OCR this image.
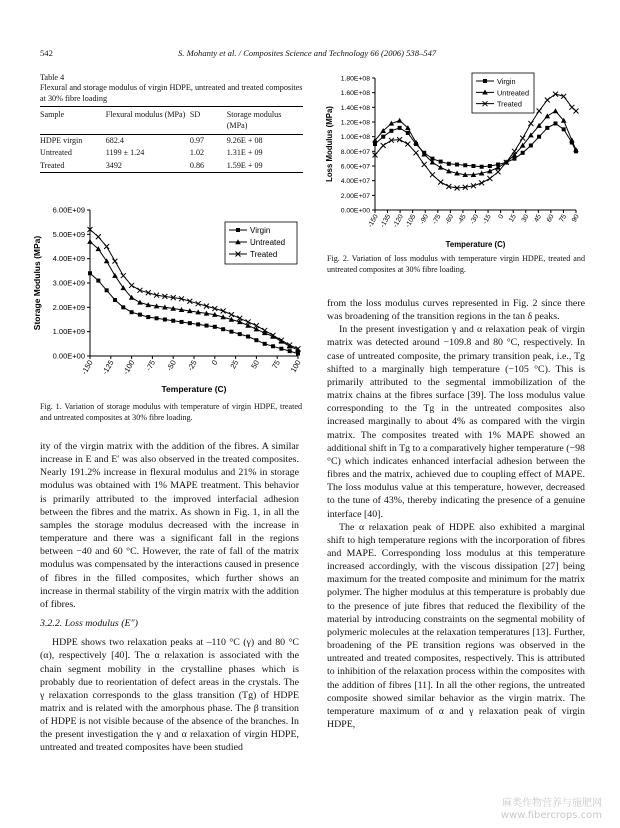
542	S. Mohanty et al. / Composites Science and Technology 66 (2006) 538–547
Table 4
Flexural and storage modulus of virgin HDPE, untreated and treated composites at 30% fibre loading
Sample	Flexural modulus (MPa)	SD	Storage modulus (MPa)
HDPE virgin	682.4	0.97	9.26E + 08
Untreated	1199 ± 1.24	1.02	1.31E + 09
Treated	3492	0.86	1.59E + 09
0.00E+00
1.00E+09
2.00E+09
3.00E+09
4.00E+09
5.00E+09
6.00E+09
-150 -125 -100 -75 -50 -25 0 25 50 75 100
Storage Modulus (MPa)
Temperature (C)
Virgin
Untreated
Treated
Fig. 1. Variation of storage modulus with temperature of virgin HDPE, treated and untreated composites at 30% fibre loading.
0.00E+00
2.00E+07
4.00E+07
6.00E+07
8.00E+07
1.00E+08
1.20E+08
1.40E+08
1.60E+08
1.80E+08
-150 -135 -120 -105 -90 -75 -60 -45 -30 -15 0 15 30 45 60 75 90
Loss Modulus (MPa)
Temperature (C)
Virgin
Untreated
Treated
Fig. 2. Variation of loss modulus with temperature virgin HDPE, treated and untreated composites at 30% fibre loading.

ity of the virgin matrix with the addition of the fibres. A similar increase in E and E′ was also observed in the treated composites. Nearly 191.2% increase in flexural modulus and 21% in storage modulus was obtained with 1% MAPE treatment. This behavior is primarily attributed to the improved interfacial adhesion between the fibres and the matrix. As shown in Fig. 1, in all the samples the storage modulus decreased with the increase in temperature and there was a significant fall in the regions between −40 and 60 °C. However, the rate of fall of the matrix modulus was compensated by the interactions caused in presence of fibres in the filled composites, which further shows an increase in thermal stability of the virgin matrix with the addition of fibres.

3.2.2. Loss modulus (E″)

HDPE shows two relaxation peaks at –110 °C (γ) and 80 °C (α), respectively [40]. The α relaxation is associated with the chain segment mobility in the crystalline phases which is probably due to reorientation of defect areas in the crystals. The γ relaxation corresponds to the glass transition (Tg) of HDPE matrix and is related with the amorphous phase. The β transition of HDPE is not visible because of the absence of the branches. In the present investigation the γ and α relaxation of virgin HDPE, untreated and treated composites have been studied

from the loss modulus curves represented in Fig. 2 since there was broadening of the transition regions in the tan δ peaks.

In the present investigation γ and α relaxation peak of virgin matrix was detected around −109.8 and 80 °C, respectively. In case of untreated composite, the primary transition peak, i.e., Tg shifted to a marginally high temperature (−105 °C). This is primarily attributed to the segmental immobilization of the matrix chains at the fibres surface [39]. The loss modulus value corresponding to the Tg in the untreated composites also increased marginally to about 4% as compared with the virgin matrix. The composites treated with 1% MAPE showed an additional shift in Tg to a comparatively higher temperature (−98 °C) which indicates enhanced interfacial adhesion between the fibres and the matrix, achieved due to coupling effect of MAPE. The loss modulus value at this temperature, however, decreased to the tune of 43%, thereby indicating the presence of a genuine interface [40].

The α relaxation peak of HDPE also exhibited a marginal shift to high temperature regions with the incorporation of fibres and MAPE. Corresponding loss modulus at this temperature increased accordingly, with the viscous dissipation [27] being maximum for the treated composite and minimum for the matrix polymer. The higher modulus at this temperature is probably due to the presence of jute fibres that reduced the flexibility of the material by introducing constraints on the segmental mobility of polymeric molecules at the relaxation temperatures [13]. Further, broadening of the PE transition regions was observed in the untreated and treated composites, respectively. This is attributed to inhibition of the relaxation process within the composites with the addition of fibres [11]. In all the other regions, the untreated composite showed similar behavior as the virgin matrix. The temperature maximum of α and γ relaxation peak of virgin HDPE,

麻类作物营养与施肥网
www.fibercrops.com
